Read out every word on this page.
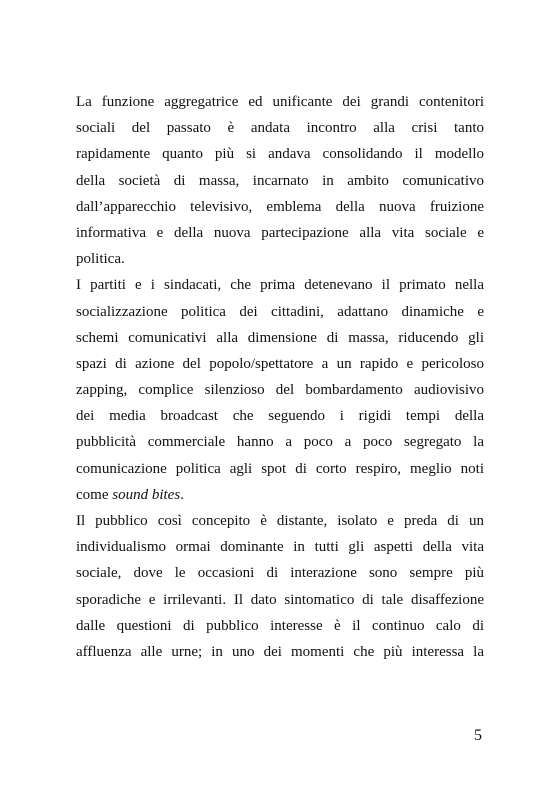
La funzione aggregatrice ed unificante dei grandi contenitori
sociali del passato è andata incontro alla crisi tanto
rapidamente quanto più si andava consolidando il modello
della società di massa, incarnato in ambito comunicativo
dall’apparecchio televisivo, emblema della nuova fruizione
informativa e della nuova partecipazione alla vita sociale e
politica.
I partiti e i sindacati, che prima detenevano il primato nella
socializzazione politica dei cittadini, adattano dinamiche e
schemi comunicativi alla dimensione di massa, riducendo gli
spazi di azione del popolo/spettatore a un rapido e pericoloso
zapping, complice silenzioso del bombardamento audiovisivo
dei media broadcast che seguendo i rigidi tempi della
pubblicità commerciale hanno a poco a poco segregato la
comunicazione politica agli spot di corto respiro, meglio noti
come sound bites.
Il pubblico così concepito è distante, isolato e preda di un
individualismo ormai dominante in tutti gli aspetti della vita
sociale, dove le occasioni di interazione sono sempre più
sporadiche e irrilevanti. Il dato sintomatico di tale disaffezione
dalle questioni di pubblico interesse è il continuo calo di
affluenza alle urne; in uno dei momenti che più interessa la
5
